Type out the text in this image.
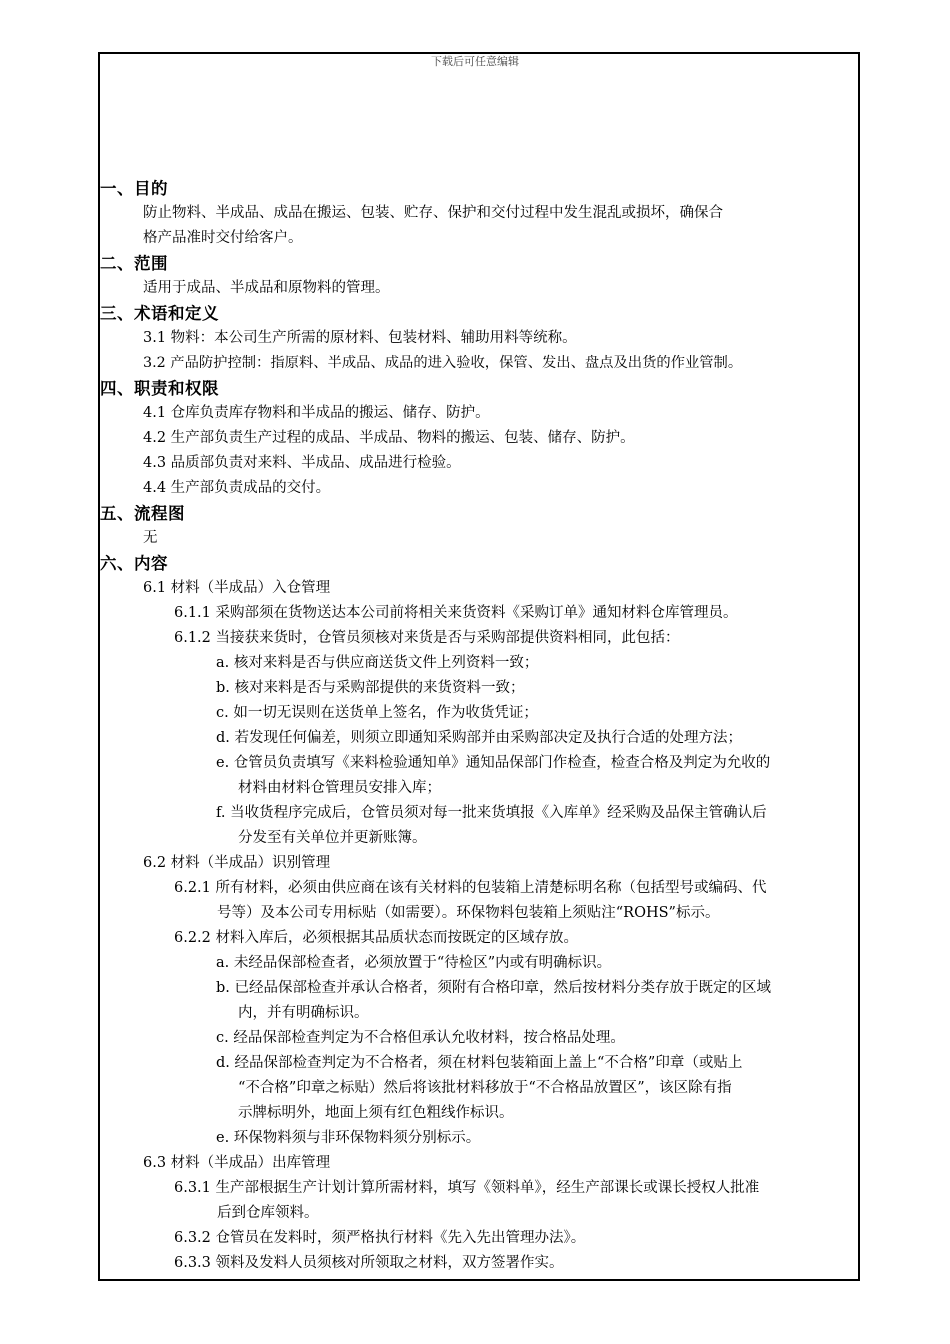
下载后可任意编辑
一、目的
防止物料、半成品、成品在搬运、包装、贮存、保护和交付过程中发生混乱或损坏，确保合
格产品准时交付给客户。
二、范围
适用于成品、半成品和原物料的管理。
三、术语和定义
3.1 物料：本公司生产所需的原材料、包装材料、辅助用料等统称。
3.2 产品防护控制：指原料、半成品、成品的进入验收，保管、发出、盘点及出货的作业管制。
四、职责和权限
4.1 仓库负责库存物料和半成品的搬运、储存、防护。
4.2 生产部负责生产过程的成品、半成品、物料的搬运、包装、储存、防护。
4.3 品质部负责对来料、半成品、成品进行检验。
4.4 生产部负责成品的交付。
五、流程图
无
六、内容
6.1 材料（半成品）入仓管理
6.1.1 采购部须在货物送达本公司前将相关来货资料《采购订单》通知材料仓库管理员。
6.1.2 当接获来货时，仓管员须核对来货是否与采购部提供资料相同，此包括：
a. 核对来料是否与供应商送货文件上列资料一致；
b. 核对来料是否与采购部提供的来货资料一致；
c. 如一切无误则在送货单上签名，作为收货凭证；
d. 若发现任何偏差，则须立即通知采购部并由采购部决定及执行合适的处理方法；
e. 仓管员负责填写《来料检验通知单》通知品保部门作检查，检查合格及判定为允收的
材料由材料仓管理员安排入库；
f. 当收货程序完成后，仓管员须对每一批来货填报《入库单》经采购及品保主管确认后
分发至有关单位并更新账簿。
6.2 材料（半成品）识别管理
6.2.1 所有材料，必须由供应商在该有关材料的包装箱上清楚标明名称（包括型号或编码、代
号等）及本公司专用标贴（如需要）。环保物料包装箱上须贴注“ROHS”标示。
6.2.2 材料入库后，必须根据其品质状态而按既定的区域存放。
a. 未经品保部检查者，必须放置于“待检区”内或有明确标识。
b. 已经品保部检查并承认合格者，须附有合格印章，然后按材料分类存放于既定的区域
内，并有明确标识。
c. 经品保部检查判定为不合格但承认允收材料，按合格品处理。
d. 经品保部检查判定为不合格者，须在材料包装箱面上盖上“不合格”印章（或贴上
“不合格”印章之标贴）然后将该批材料移放于“不合格品放置区”，该区除有指
示牌标明外，地面上须有红色粗线作标识。
e. 环保物料须与非环保物料须分别标示。
6.3 材料（半成品）出库管理
6.3.1 生产部根据生产计划计算所需材料，填写《领料单》，经生产部课长或课长授权人批准
后到仓库领料。
6.3.2 仓管员在发料时，须严格执行材料《先入先出管理办法》。
6.3.3 领料及发料人员须核对所领取之材料，双方签署作实。
